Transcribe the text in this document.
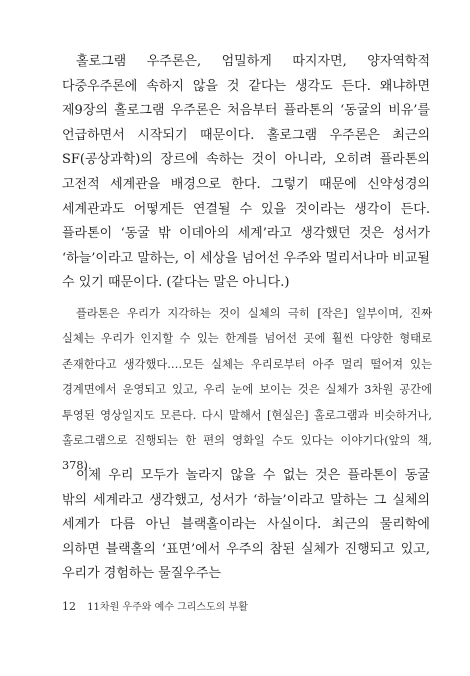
홀로그램 우주론은, 엄밀하게 따지자면, 양자역학적 다중우주론에 속하지 않을 것 같다는 생각도 든다. 왜냐하면 제9장의 홀로그램 우주론은 처음부터 플라톤의 ‘동굴의 비유’를 언급하면서 시작되기 때문이다. 홀로그램 우주론은 최근의 SF(공상과학)의 장르에 속하는 것이 아니라, 오히려 플라톤의 고전적 세계관을 배경으로 한다. 그렇기 때문에 신약성경의 세계관과도 어떻게든 연결될 수 있을 것이라는 생각이 든다. 플라톤이 ‘동굴 밖 이데아의 세계’라고 생각했던 것은 성서가 ‘하늘’이라고 말하는, 이 세상을 넘어선 우주와 멀리서나마 비교될 수 있기 때문이다. (같다는 말은 아니다.)

플라톤은 우리가 지각하는 것이 실체의 극히 [작은] 일부이며, 진짜 실체는 우리가 인지할 수 있는 한계를 넘어선 곳에 훨씬 다양한 형태로 존재한다고 생각했다.…모든 실체는 우리로부터 아주 멀리 떨어져 있는 경계면에서 운영되고 있고, 우리 눈에 보이는 것은 실체가 3차원 공간에 투영된 영상일지도 모른다. 다시 말해서 [현실은] 홀로그램과 비슷하거나, 홀로그램으로 진행되는 한 편의 영화일 수도 있다는 이야기다(앞의 책, 378).

이제 우리 모두가 놀라지 않을 수 없는 것은 플라톤이 동굴 밖의 세계라고 생각했고, 성서가 ‘하늘’이라고 말하는 그 실체의 세계가 다름 아닌 블랙홀이라는 사실이다. 최근의 물리학에 의하면 블랙홀의 ‘표면’에서 우주의 참된 실체가 진행되고 있고, 우리가 경험하는 물질우주는

12 11차원 우주와 예수 그리스도의 부활
